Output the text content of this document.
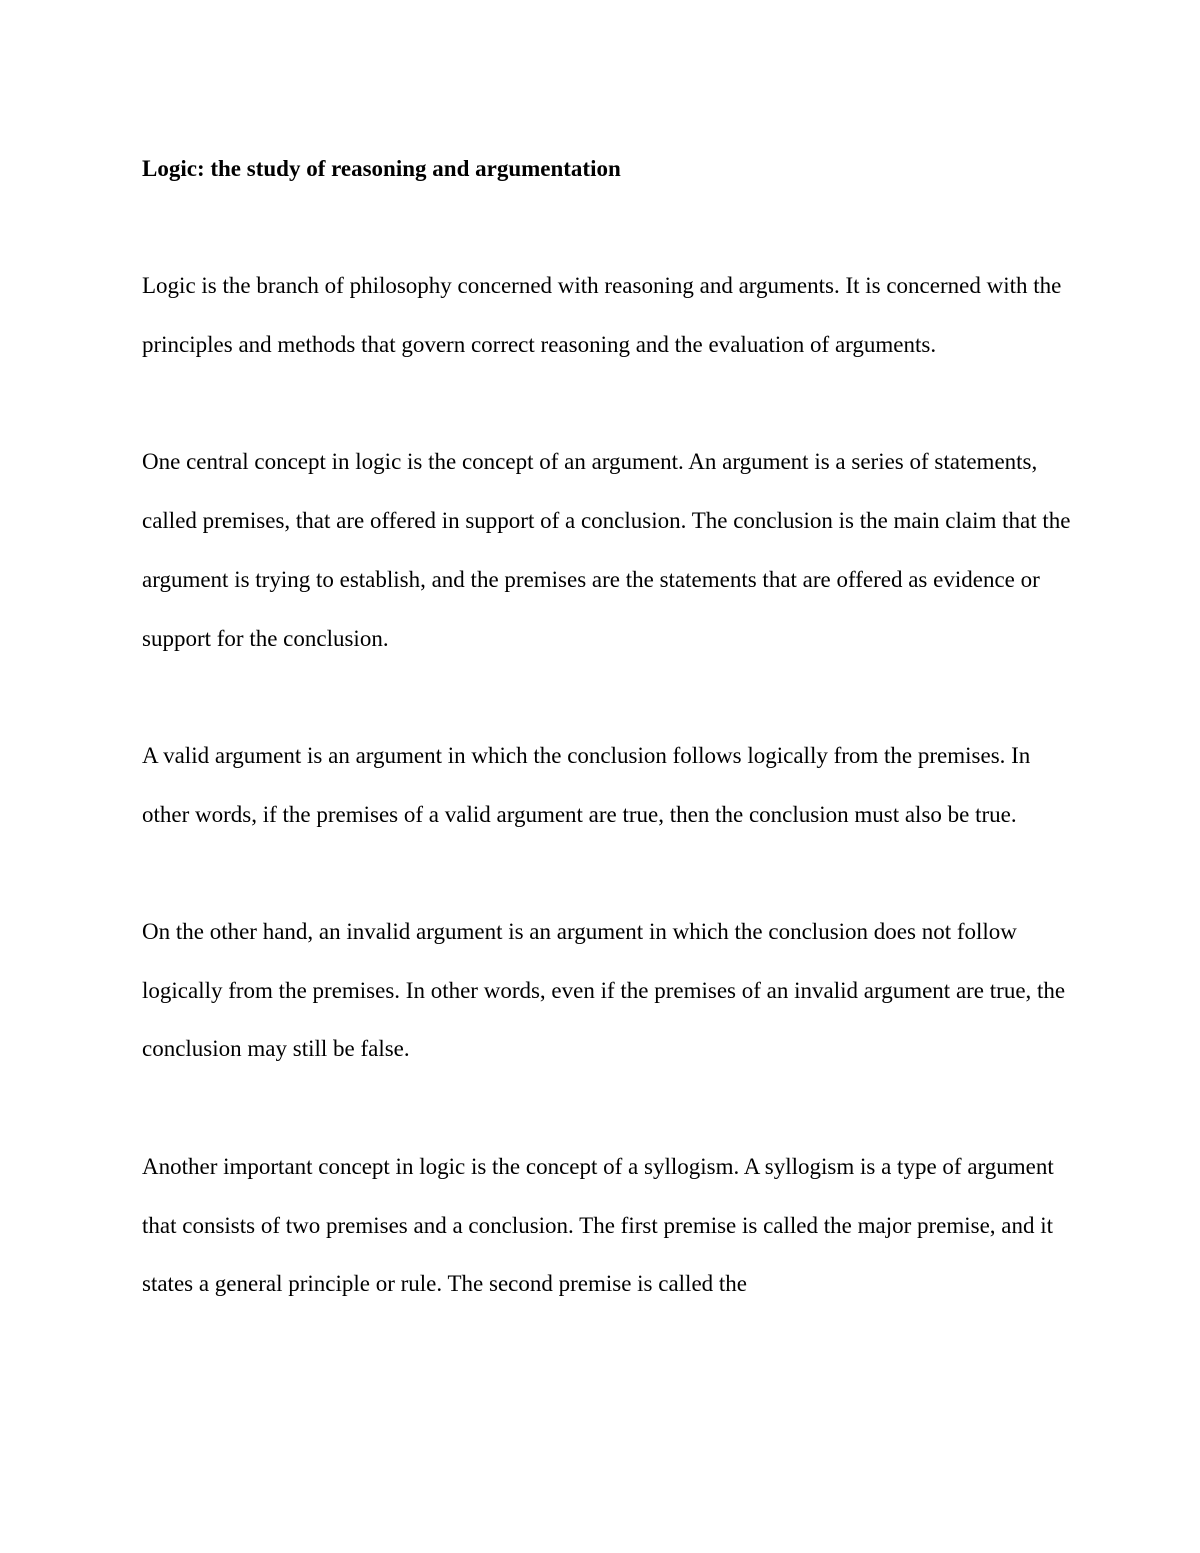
Logic: the study of reasoning and argumentation

Logic is the branch of philosophy concerned with reasoning and arguments. It is concerned with the principles and methods that govern correct reasoning and the evaluation of arguments.

One central concept in logic is the concept of an argument. An argument is a series of statements, called premises, that are offered in support of a conclusion. The conclusion is the main claim that the argument is trying to establish, and the premises are the statements that are offered as evidence or support for the conclusion.

A valid argument is an argument in which the conclusion follows logically from the premises. In other words, if the premises of a valid argument are true, then the conclusion must also be true.

On the other hand, an invalid argument is an argument in which the conclusion does not follow logically from the premises. In other words, even if the premises of an invalid argument are true, the conclusion may still be false.

Another important concept in logic is the concept of a syllogism. A syllogism is a type of argument that consists of two premises and a conclusion. The first premise is called the major premise, and it states a general principle or rule. The second premise is called the
